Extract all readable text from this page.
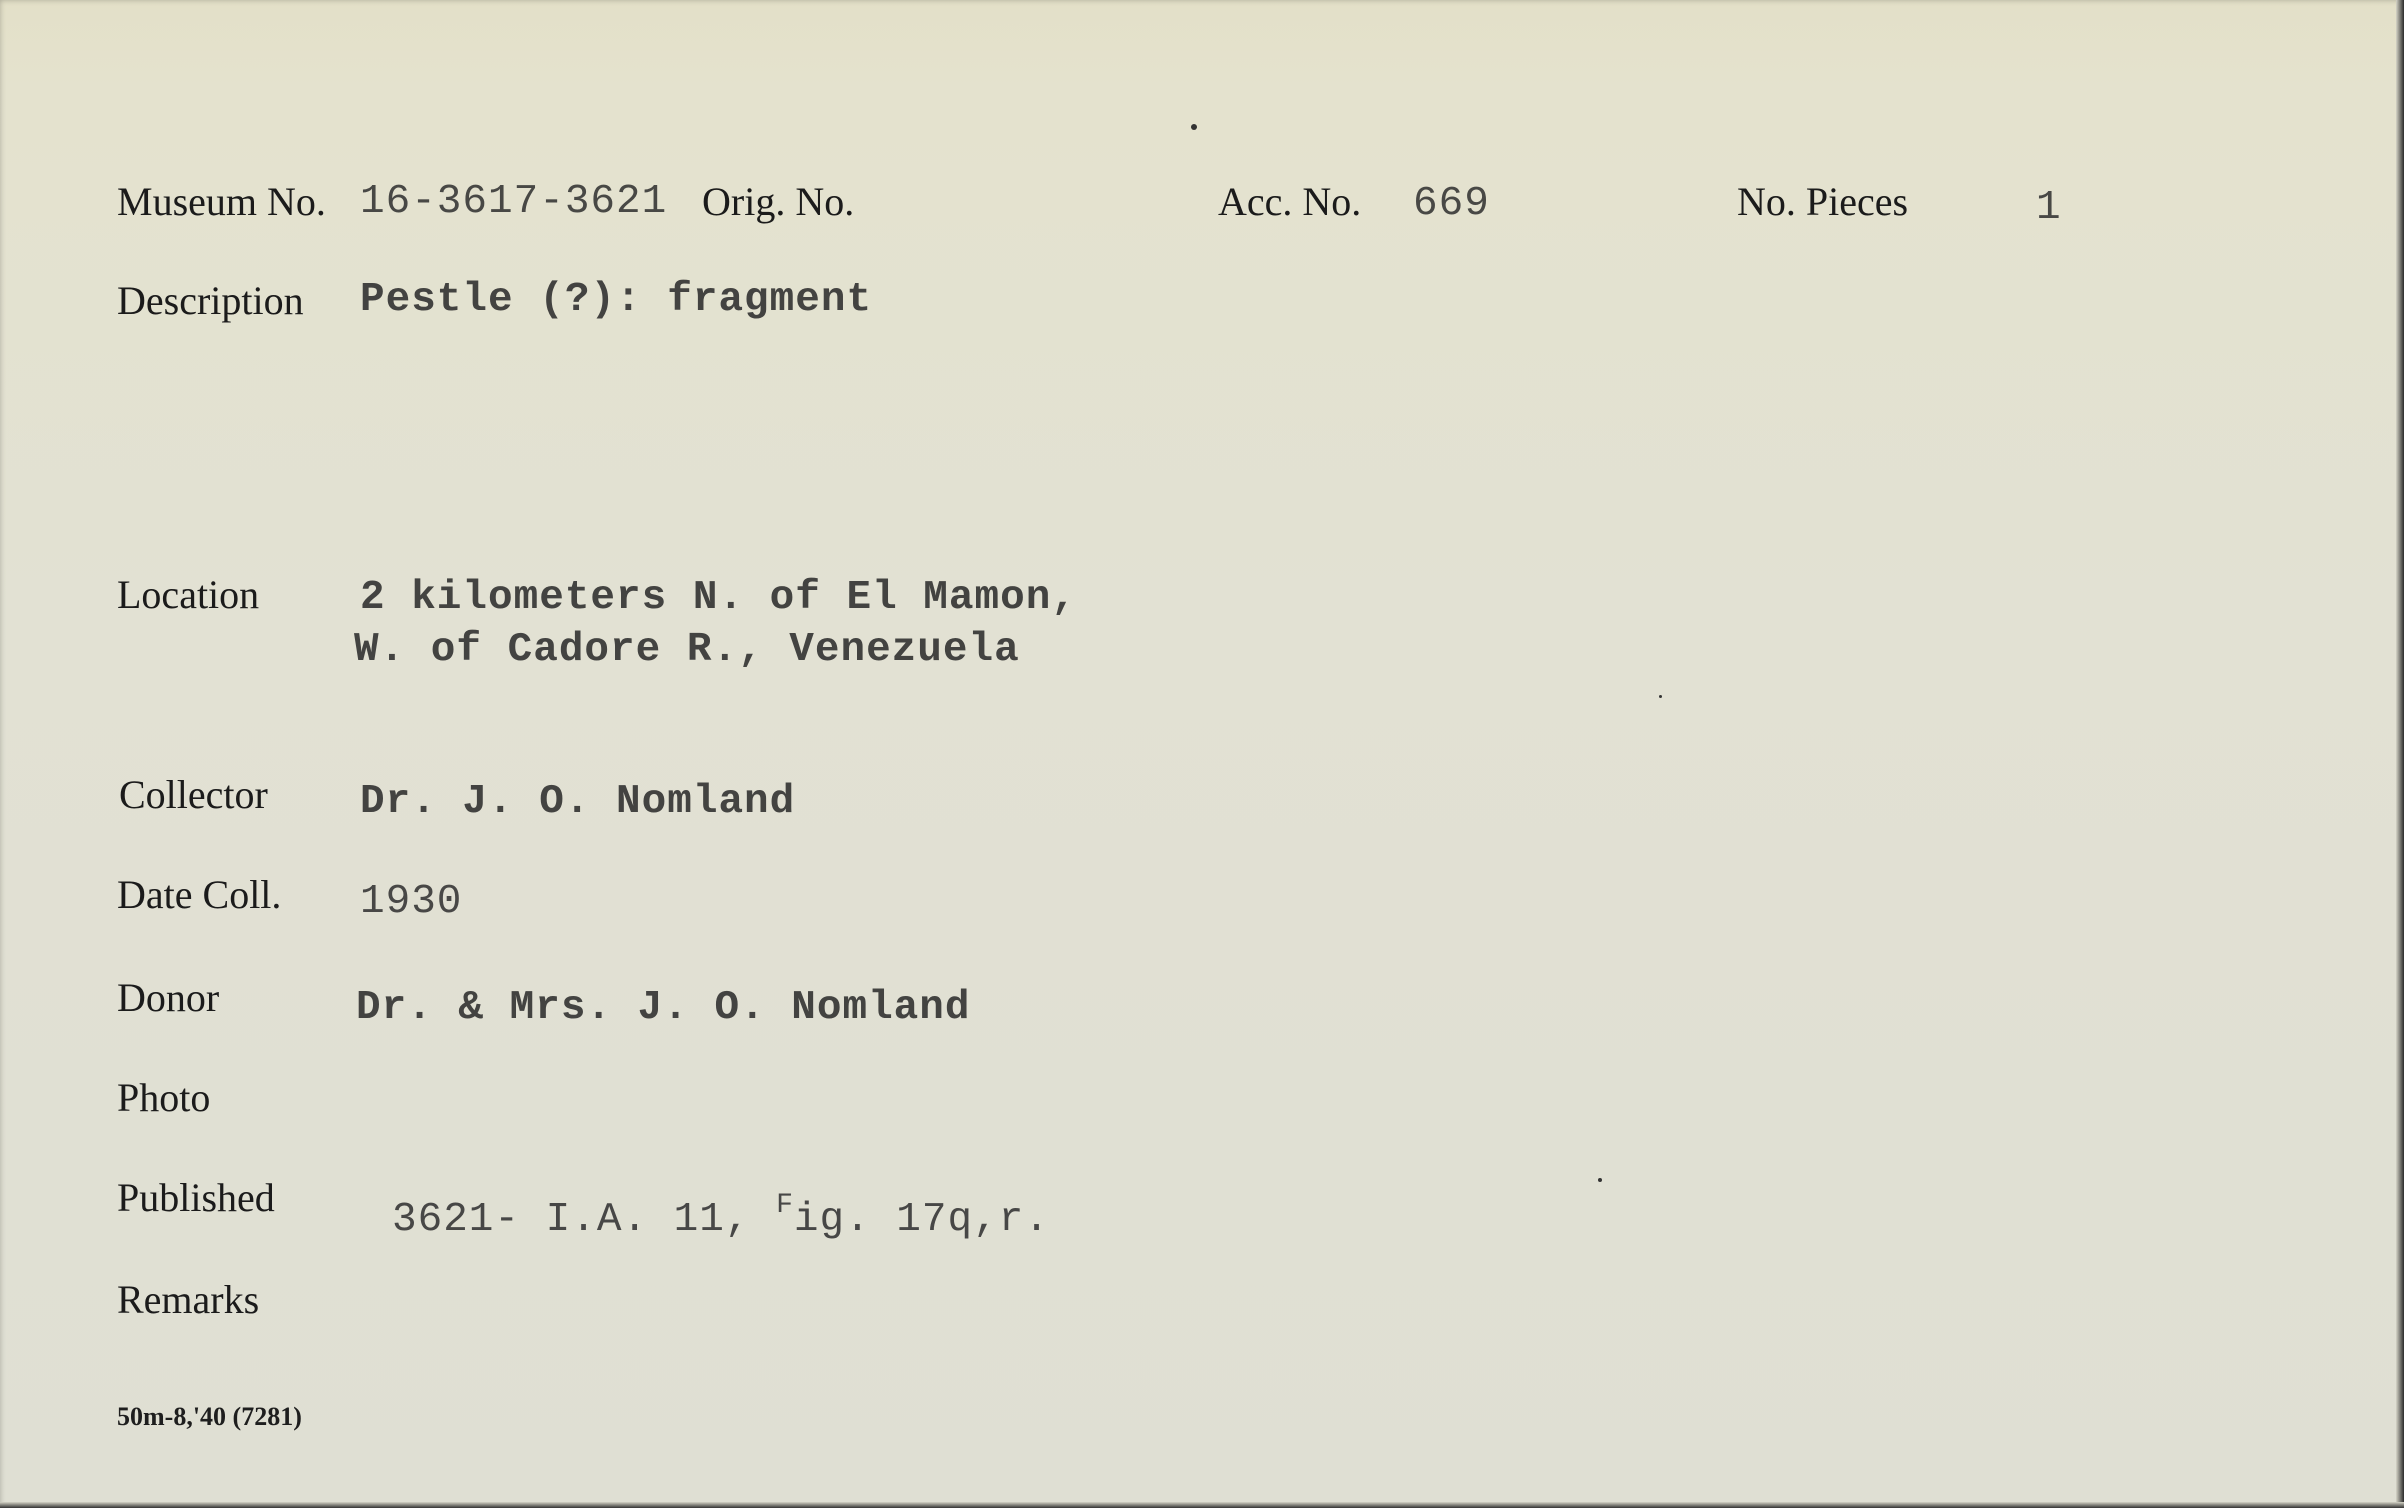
Museum No. 16-3617-3621 Orig. No.	Acc. No. 669	No. Pieces	1
Description Pestle (?): fragment
Location 2 kilometers N. of El Mamon,
W. of Cadore R., Venezuela
Collector Dr. J. O. Nomland
Date Coll. 1930
Donor	Dr. & Mrs. J. O. Nomland
Photo
Published	3621- I.A. 11, $^F$ig. 17q,r.
Remarks
50m-8,'40 (7281)
